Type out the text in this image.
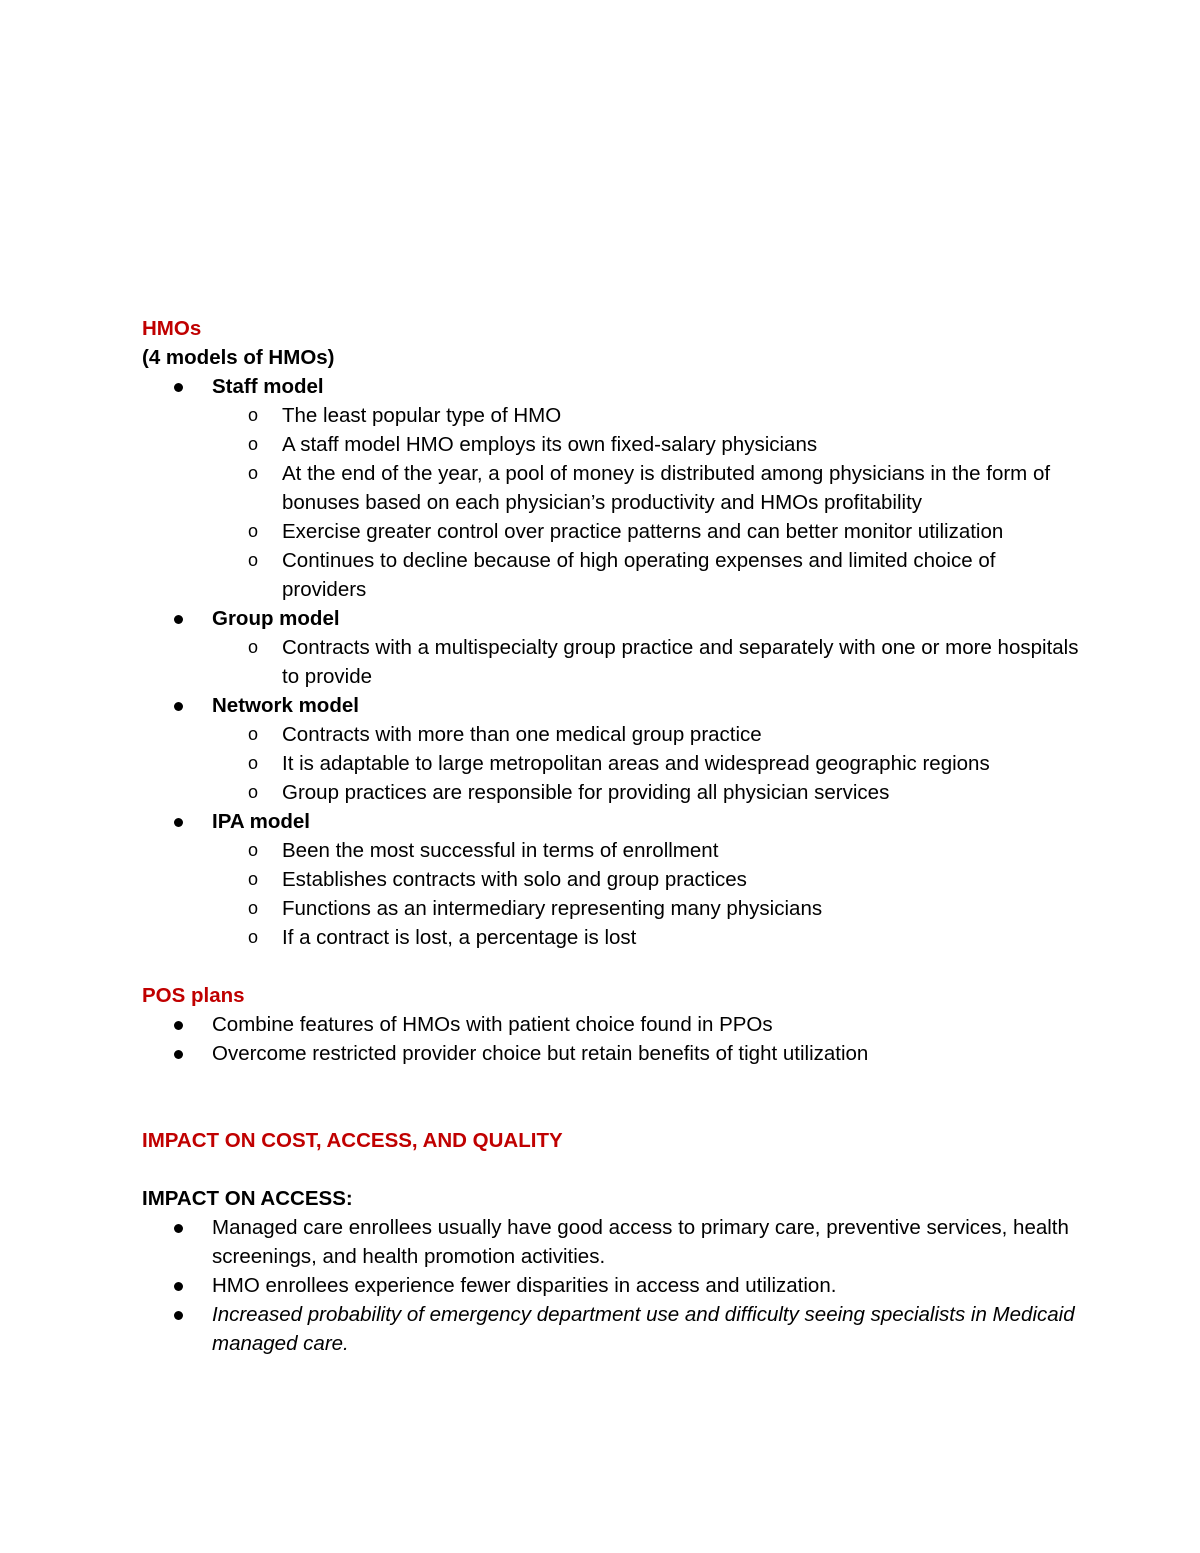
HMOs
(4 models of HMOs)
Staff model
o The least popular type of HMO
o A staff model HMO employs its own fixed-salary physicians
o At the end of the year, a pool of money is distributed among physicians in the form of bonuses based on each physician’s productivity and HMOs profitability
o Exercise greater control over practice patterns and can better monitor utilization
o Continues to decline because of high operating expenses and limited choice of providers
Group model
o Contracts with a multispecialty group practice and separately with one or more hospitals to provide
Network model
o Contracts with more than one medical group practice
o It is adaptable to large metropolitan areas and widespread geographic regions
o Group practices are responsible for providing all physician services
IPA model
o Been the most successful in terms of enrollment
o Establishes contracts with solo and group practices
o Functions as an intermediary representing many physicians
o If a contract is lost, a percentage is lost
POS plans
Combine features of HMOs with patient choice found in PPOs
Overcome restricted provider choice but retain benefits of tight utilization
IMPACT ON COST, ACCESS, AND QUALITY
IMPACT ON ACCESS:
Managed care enrollees usually have good access to primary care, preventive services, health screenings, and health promotion activities.
HMO enrollees experience fewer disparities in access and utilization.
Increased probability of emergency department use and difficulty seeing specialists in Medicaid managed care.
